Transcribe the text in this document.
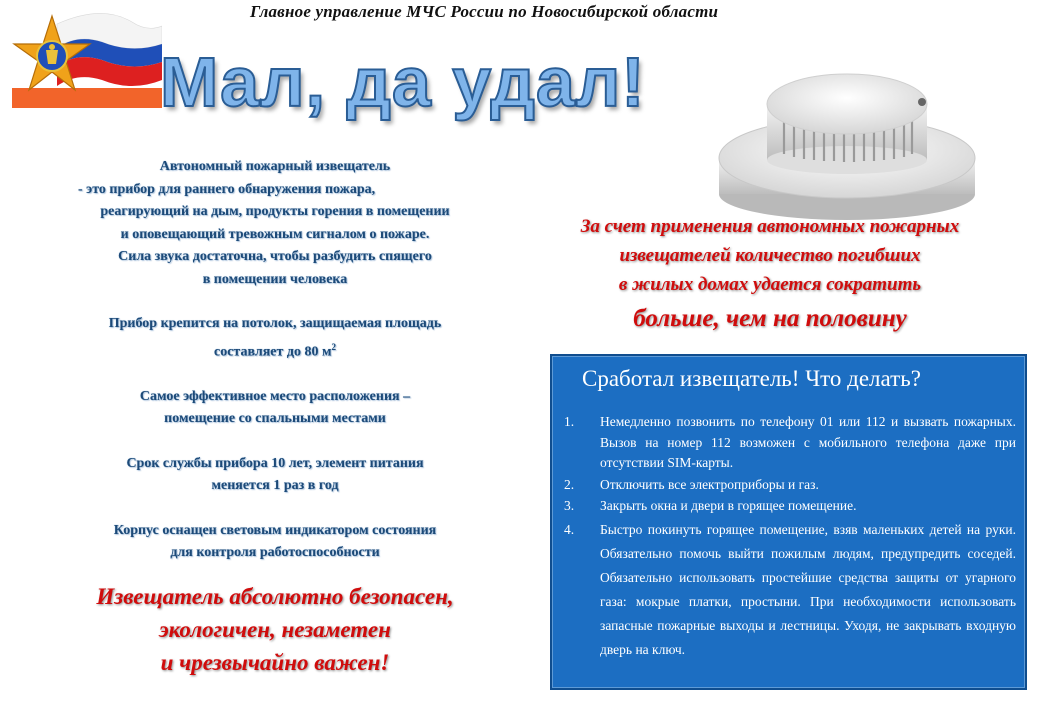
Главное управление МЧС России по Новосибирской области
Мал, да удал!

Автономный пожарный извещатель

- это прибор для раннего обнаружения пожара,

реагирующий на дым, продукты горения в помещении

и оповещающий тревожным сигналом о пожаре.

Сила звука достаточна, чтобы разбудить спящего

в помещении человека

Прибор крепится на потолок, защищаемая площадь

составляет до 80 $м^2$

Самое эффективное место расположения –

помещение со спальными местами

Срок службы прибора 10 лет, элемент питания

меняется 1 раз в год

Корпус оснащен световым индикатором состояния

для контроля работоспособности

Извещатель абсолютно безопасен,

экологичен, незаметен

и чрезвычайно важен!

За счет применения автономных пожарных

извещателей количество погибших

в жилых домах удается сократить

больше, чем на половину

Сработал извещатель! Что делать?
1.	Немедленно позвонить по телефону 01 или 112 и вызвать пожарных. Вызов на номер 112 возможен с мобильного телефона даже при отсутствии SIM-карты.
2.	Отключить все электроприборы и газ.
3.	Закрыть окна и двери в горящее помещение.
4.	Быстро покинуть горящее помещение, взяв маленьких детей на руки. Обязательно помочь выйти пожилым людям, предупредить соседей. Обязательно использовать простейшие средства защиты от угарного газа: мокрые платки, простыни. При необходимости использовать запасные пожарные выходы и лестницы. Уходя, не закрывать входную дверь на ключ.
